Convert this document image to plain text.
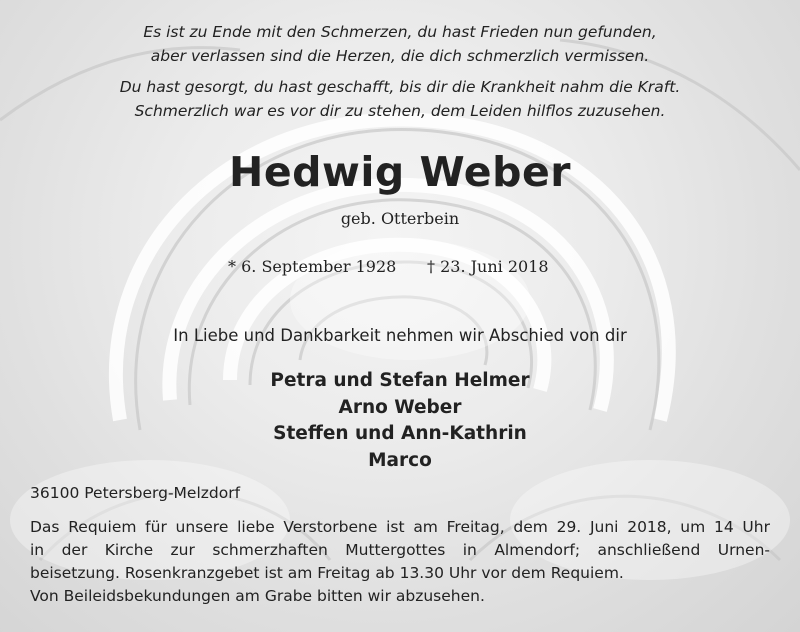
Es ist zu Ende mit den Schmerzen, du hast Frieden nun gefunden,
aber verlassen sind die Herzen, die dich schmerzlich vermissen.
Du hast gesorgt, du hast geschafft, bis dir die Krankheit nahm die Kraft.
Schmerzlich war es vor dir zu stehen, dem Leiden hilflos zuzusehen.
Hedwig Weber
geb. Otterbein
* 6. September 1928 † 23. Juni 2018
In Liebe und Dankbarkeit nehmen wir Abschied von dir
Petra und Stefan Helmer
Arno Weber
Steffen und Ann-Kathrin
Marco
36100 Petersberg-Melzdorf
Das Requiem für unsere liebe Verstorbene ist am Freitag, dem 29. Juni 2018, um 14 Uhr
in der Kirche zur schmerzhaften Muttergottes in Almendorf; anschließend Urnen-
beisetzung. Rosenkranzgebet ist am Freitag ab 13.30 Uhr vor dem Requiem.
Von Beileidsbekundungen am Grabe bitten wir abzusehen.
